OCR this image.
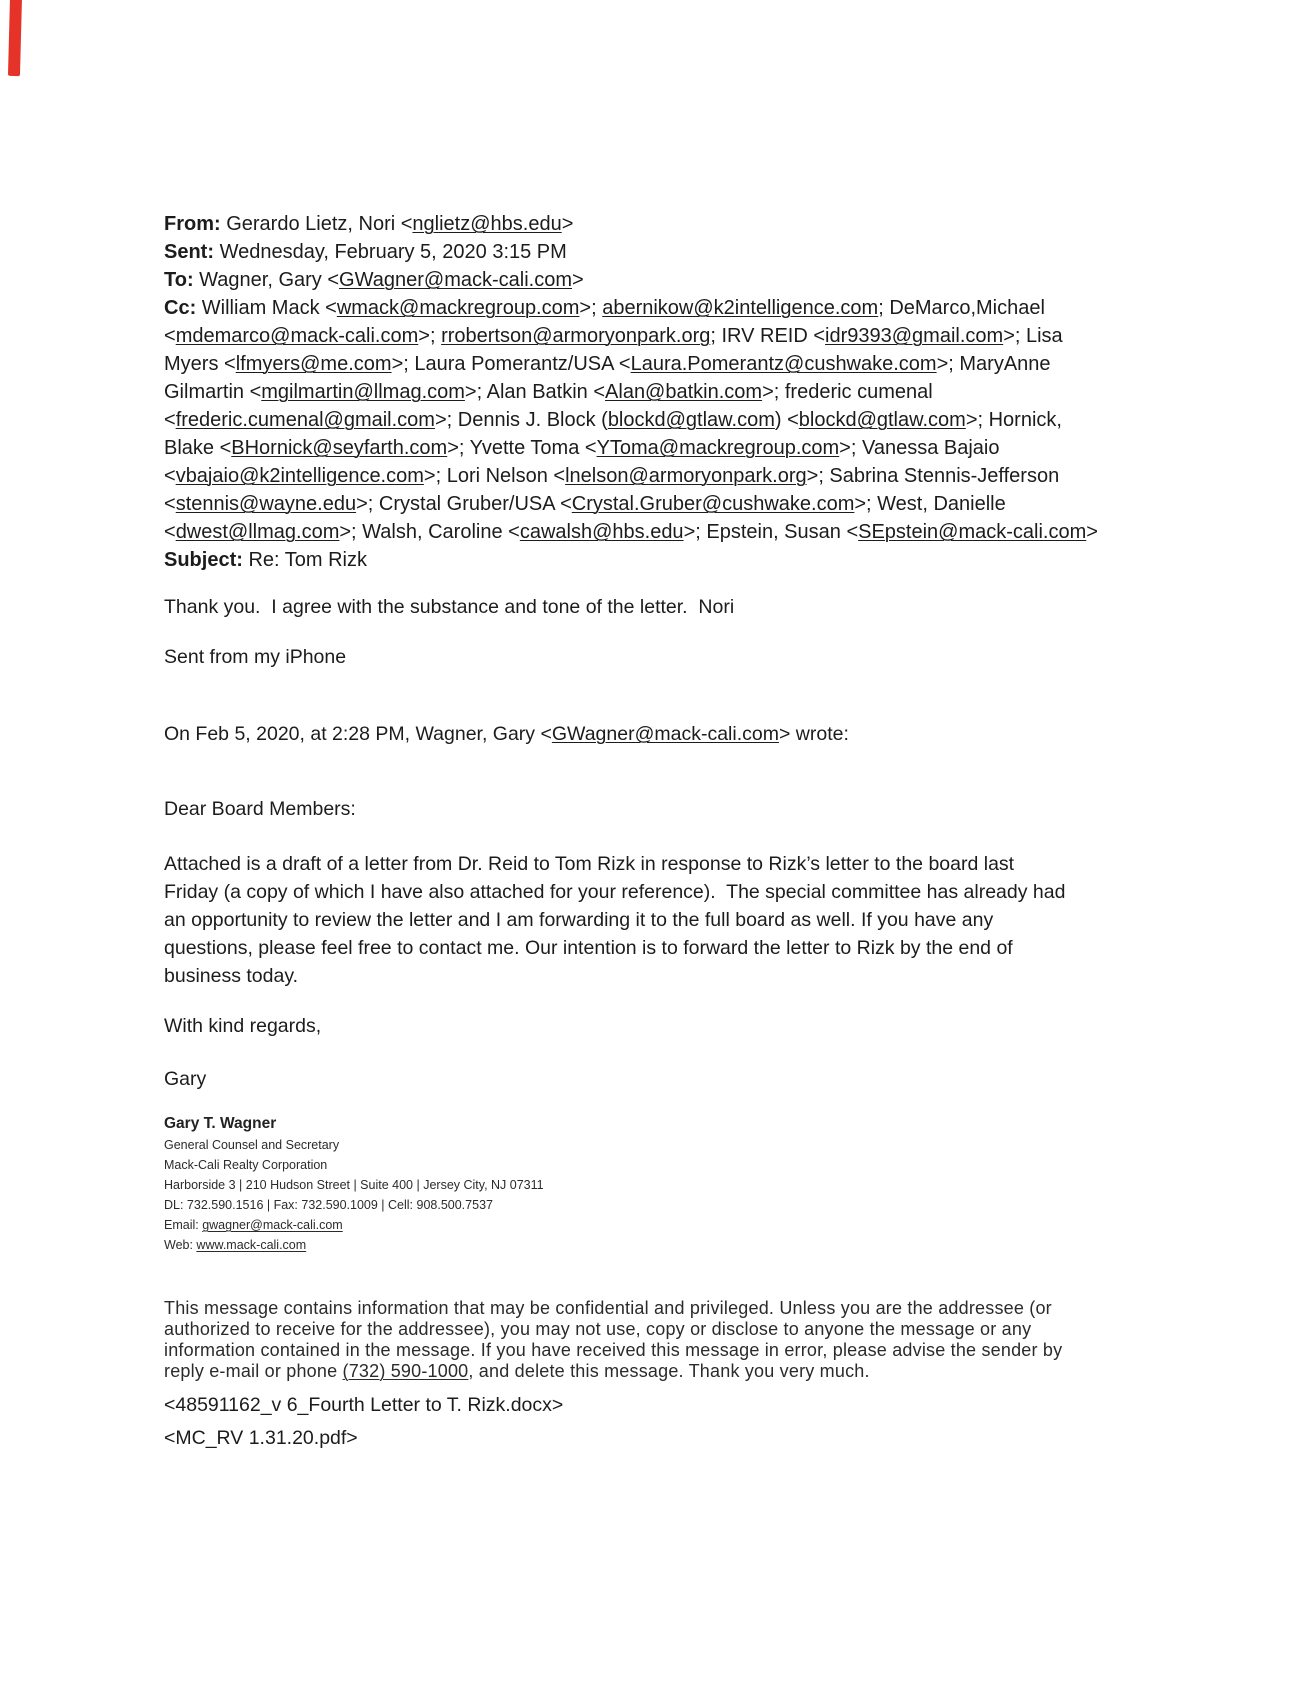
From: Gerardo Lietz, Nori <nglietz@hbs.edu>
Sent: Wednesday, February 5, 2020 3:15 PM
To: Wagner, Gary <GWagner@mack-cali.com>
Cc: William Mack <wmack@mackregroup.com>; abernikow@k2intelligence.com; DeMarco,Michael
<mdemarco@mack-cali.com>; rrobertson@armoryonpark.org; IRV REID <idr9393@gmail.com>; Lisa
Myers <lfmyers@me.com>; Laura Pomerantz/USA <Laura.Pomerantz@cushwake.com>; MaryAnne
Gilmartin <mgilmartin@llmag.com>; Alan Batkin <Alan@batkin.com>; frederic cumenal
<frederic.cumenal@gmail.com>; Dennis J. Block (blockd@gtlaw.com) <blockd@gtlaw.com>; Hornick,
Blake <BHornick@seyfarth.com>; Yvette Toma <YToma@mackregroup.com>; Vanessa Bajaio
<vbajaio@k2intelligence.com>; Lori Nelson <lnelson@armoryonpark.org>; Sabrina Stennis-Jefferson
<stennis@wayne.edu>; Crystal Gruber/USA <Crystal.Gruber@cushwake.com>; West, Danielle
<dwest@llmag.com>; Walsh, Caroline <cawalsh@hbs.edu>; Epstein, Susan <SEpstein@mack-cali.com>
Subject: Re: Tom Rizk
Thank you.  I agree with the substance and tone of the letter.  Nori
Sent from my iPhone
On Feb 5, 2020, at 2:28 PM, Wagner, Gary <GWagner@mack-cali.com> wrote:
Dear Board Members:
Attached is a draft of a letter from Dr. Reid to Tom Rizk in response to Rizk’s letter to the board last
Friday (a copy of which I have also attached for your reference).  The special committee has already had
an opportunity to review the letter and I am forwarding it to the full board as well. If you have any
questions, please feel free to contact me. Our intention is to forward the letter to Rizk by the end of
business today.
With kind regards,
Gary
Gary T. Wagner
General Counsel and Secretary
Mack-Cali Realty Corporation
Harborside 3 | 210 Hudson Street | Suite 400 | Jersey City, NJ 07311
DL: 732.590.1516 | Fax: 732.590.1009 | Cell: 908.500.7537
Email: gwagner@mack-cali.com
Web: www.mack-cali.com
This message contains information that may be confidential and privileged. Unless you are the addressee (or
authorized to receive for the addressee), you may not use, copy or disclose to anyone the message or any
information contained in the message. If you have received this message in error, please advise the sender by
reply e-mail or phone (732) 590-1000, and delete this message. Thank you very much.
<48591162_v 6_Fourth Letter to T. Rizk.docx>
<MC_RV 1.31.20.pdf>
